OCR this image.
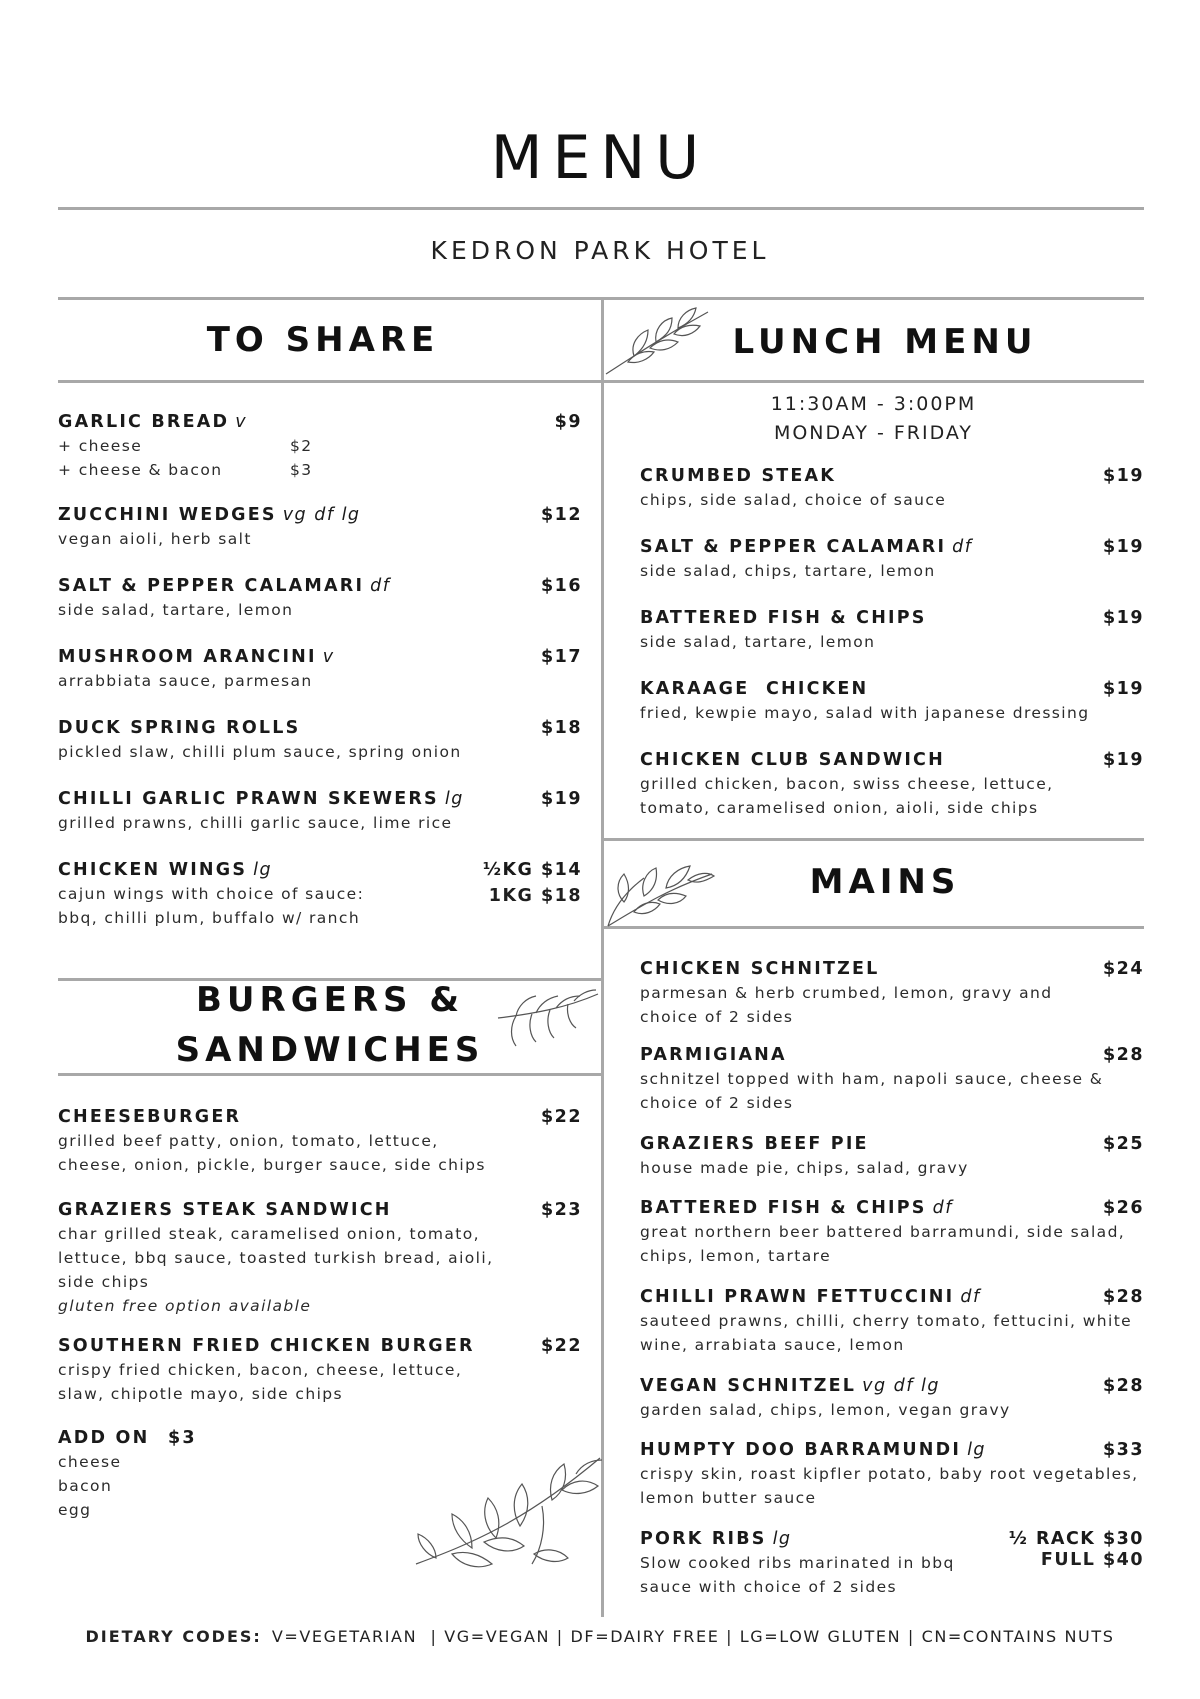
MENU
KEDRON PARK HOTEL
TO SHARE	LUNCH MENU
11:30AM - 3:00PM
MONDAY - FRIDAY
BURGERS &
SANDWICHES
MAINS
GARLIC BREAD v	$9
+ cheese	$2
+ cheese & bacon	$3
ZUCCHINI WEDGES vg df lg	$12
vegan aioli, herb salt
SALT & PEPPER CALAMARI df	$16
side salad, tartare, lemon
MUSHROOM ARANCINI v	$17
arrabbiata sauce, parmesan
DUCK SPRING ROLLS	$18
pickled slaw, chilli plum sauce, spring onion
CHILLI GARLIC PRAWN SKEWERS lg	$19
grilled prawns, chilli garlic sauce, lime rice
CHICKEN WINGS lg	½KG $14
cajun wings with choice of sauce:
bbq, chilli plum, buffalo w/ ranch
1KG $18
CHEESEBURGER	$22
grilled beef patty, onion, tomato, lettuce,
cheese, onion, pickle, burger sauce, side chips
GRAZIERS STEAK SANDWICH	$23
char grilled steak, caramelised onion, tomato,
lettuce, bbq sauce, toasted turkish bread, aioli,
side chips
gluten free option available
SOUTHERN FRIED CHICKEN BURGER	$22
crispy fried chicken, bacon, cheese, lettuce,
slaw, chipotle mayo, side chips
ADD ON $3
cheese
bacon
egg
CRUMBED STEAK	$19
chips, side salad, choice of sauce
SALT & PEPPER CALAMARI df	$19
side salad, chips, tartare, lemon
BATTERED FISH & CHIPS	$19
side salad, tartare, lemon
KARAAGE  CHICKEN	$19
fried, kewpie mayo, salad with japanese dressing
CHICKEN CLUB SANDWICH	$19
grilled chicken, bacon, swiss cheese, lettuce,
tomato, caramelised onion, aioli, side chips
CHICKEN SCHNITZEL	$24
parmesan & herb crumbed, lemon, gravy and
choice of 2 sides
PARMIGIANA	$28
schnitzel topped with ham, napoli sauce, cheese &
choice of 2 sides
GRAZIERS BEEF PIE	$25
house made pie, chips, salad, gravy
BATTERED FISH & CHIPS df	$26
great northern beer battered barramundi, side salad,
chips, lemon, tartare
CHILLI PRAWN FETTUCCINI df	$28
sauteed prawns, chilli, cherry tomato, fettucini, white
wine, arrabiata sauce, lemon
VEGAN SCHNITZEL vg df lg	$28
garden salad, chips, lemon, vegan gravy
HUMPTY DOO BARRAMUNDI lg	$33
crispy skin, roast kipfler potato, baby root vegetables,
lemon butter sauce
PORK RIBS lg	½ RACK $30
Slow cooked ribs marinated in bbq
sauce with choice of 2 sides
FULL $40
DIETARY CODES: V=VEGETARIAN  | VG=VEGAN | DF=DAIRY FREE | LG=LOW GLUTEN | CN=CONTAINS NUTS
